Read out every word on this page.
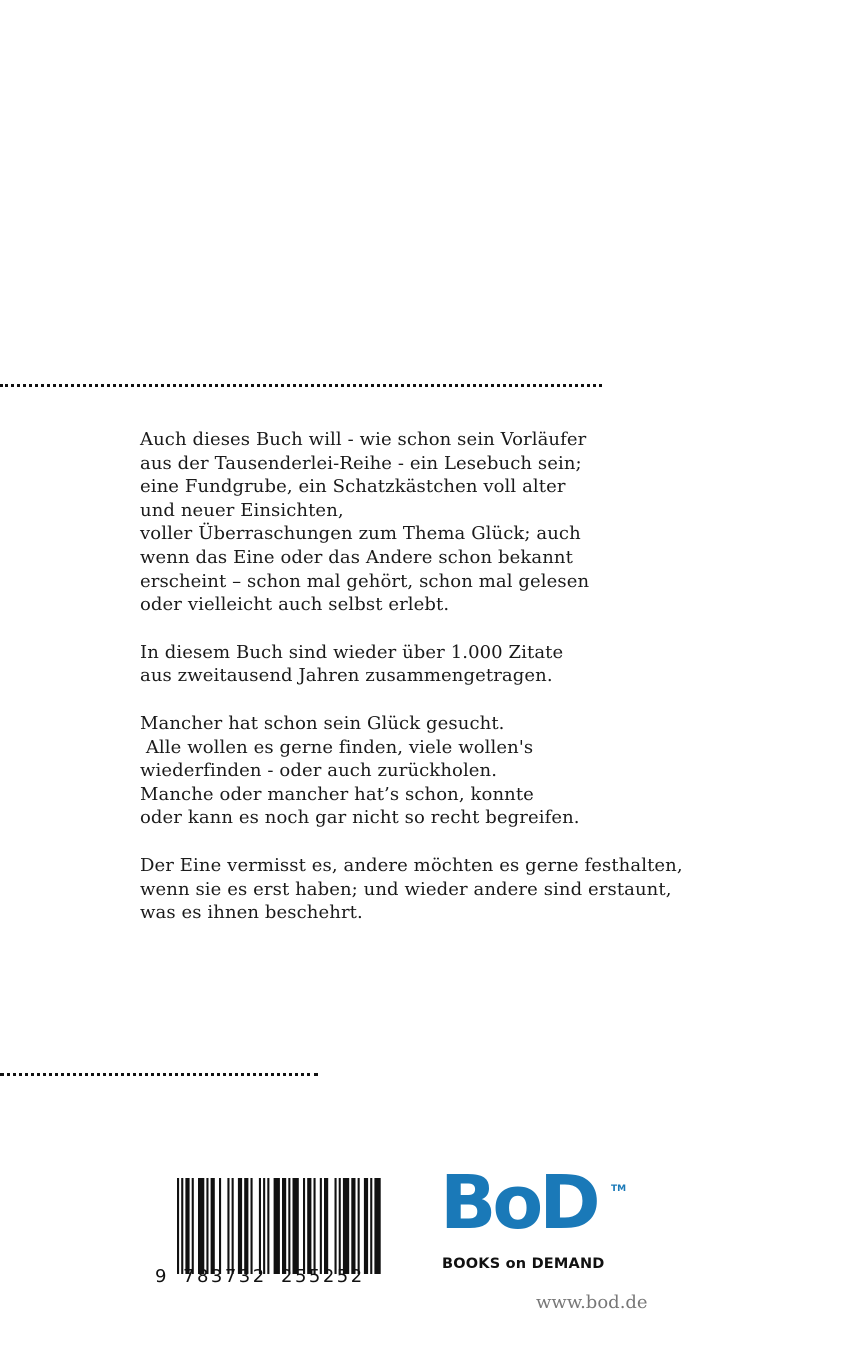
Auch dieses Buch will - wie schon sein Vorläufer
aus der Tausenderlei-Reihe - ein Lesebuch sein;
eine Fundgrube, ein Schatzkästchen voll alter
und neuer Einsichten,
voller Überraschungen zum Thema Glück; auch
wenn das Eine oder das Andere schon bekannt
erscheint – schon mal gehört, schon mal gelesen
oder vielleicht auch selbst erlebt.

In diesem Buch sind wieder über 1.000 Zitate
aus zweitausend Jahren zusammengetragen.

Mancher hat schon sein Glück gesucht.
Alle wollen es gerne finden, viele wollen's
wiederfinden - oder auch zurückholen.
Manche oder mancher hat’s schon, konnte
oder kann es noch gar nicht so recht begreifen.

Der Eine vermisst es, andere möchten es gerne festhalten,
wenn sie es erst haben; und wieder andere sind erstaunt,
was es ihnen beschehrt.

9 783732 255252
BoD TM
BOOKS on DEMAND
www.bod.de
